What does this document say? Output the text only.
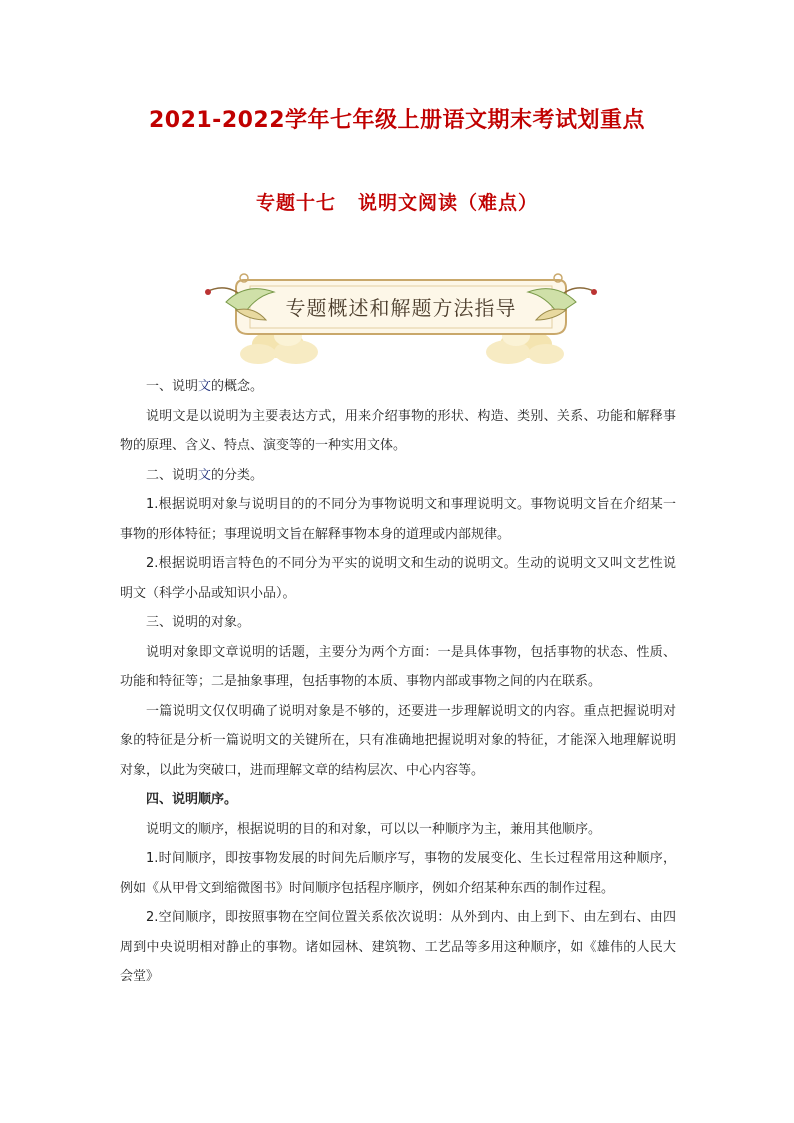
2021-2022学年七年级上册语文期末考试划重点
专题十七 说明文阅读（难点）
专题概述和解题方法指导

一、说明文的概念。

说明文是以说明为主要表达方式，用来介绍事物的形状、构造、类别、关系、功能和解释事物的原理、含义、特点、演变等的一种实用文体。

二、说明文的分类。

1.根据说明对象与说明目的的不同分为事物说明文和事理说明文。事物说明文旨在介绍某一事物的形体特征；事理说明文旨在解释事物本身的道理或内部规律。

2.根据说明语言特色的不同分为平实的说明文和生动的说明文。生动的说明文又叫文艺性说明文（科学小品或知识小品）。

三、说明的对象。

说明对象即文章说明的话题，主要分为两个方面：一是具体事物，包括事物的状态、性质、功能和特征等；二是抽象事理，包括事物的本质、事物内部或事物之间的内在联系。

一篇说明文仅仅明确了说明对象是不够的，还要进一步理解说明文的内容。重点把握说明对象的特征是分析一篇说明文的关键所在，只有准确地把握说明对象的特征，才能深入地理解说明对象，以此为突破口，进而理解文章的结构层次、中心内容等。

四、说明顺序。

说明文的顺序，根据说明的目的和对象，可以以一种顺序为主，兼用其他顺序。

1.时间顺序，即按事物发展的时间先后顺序写，事物的发展变化、生长过程常用这种顺序，例如《从甲骨文到缩微图书》时间顺序包括程序顺序，例如介绍某种东西的制作过程。

2.空间顺序，即按照事物在空间位置关系依次说明：从外到内、由上到下、由左到右、由四周到中央说明相对静止的事物。诸如园林、建筑物、工艺品等多用这种顺序，如《雄伟的人民大会堂》
